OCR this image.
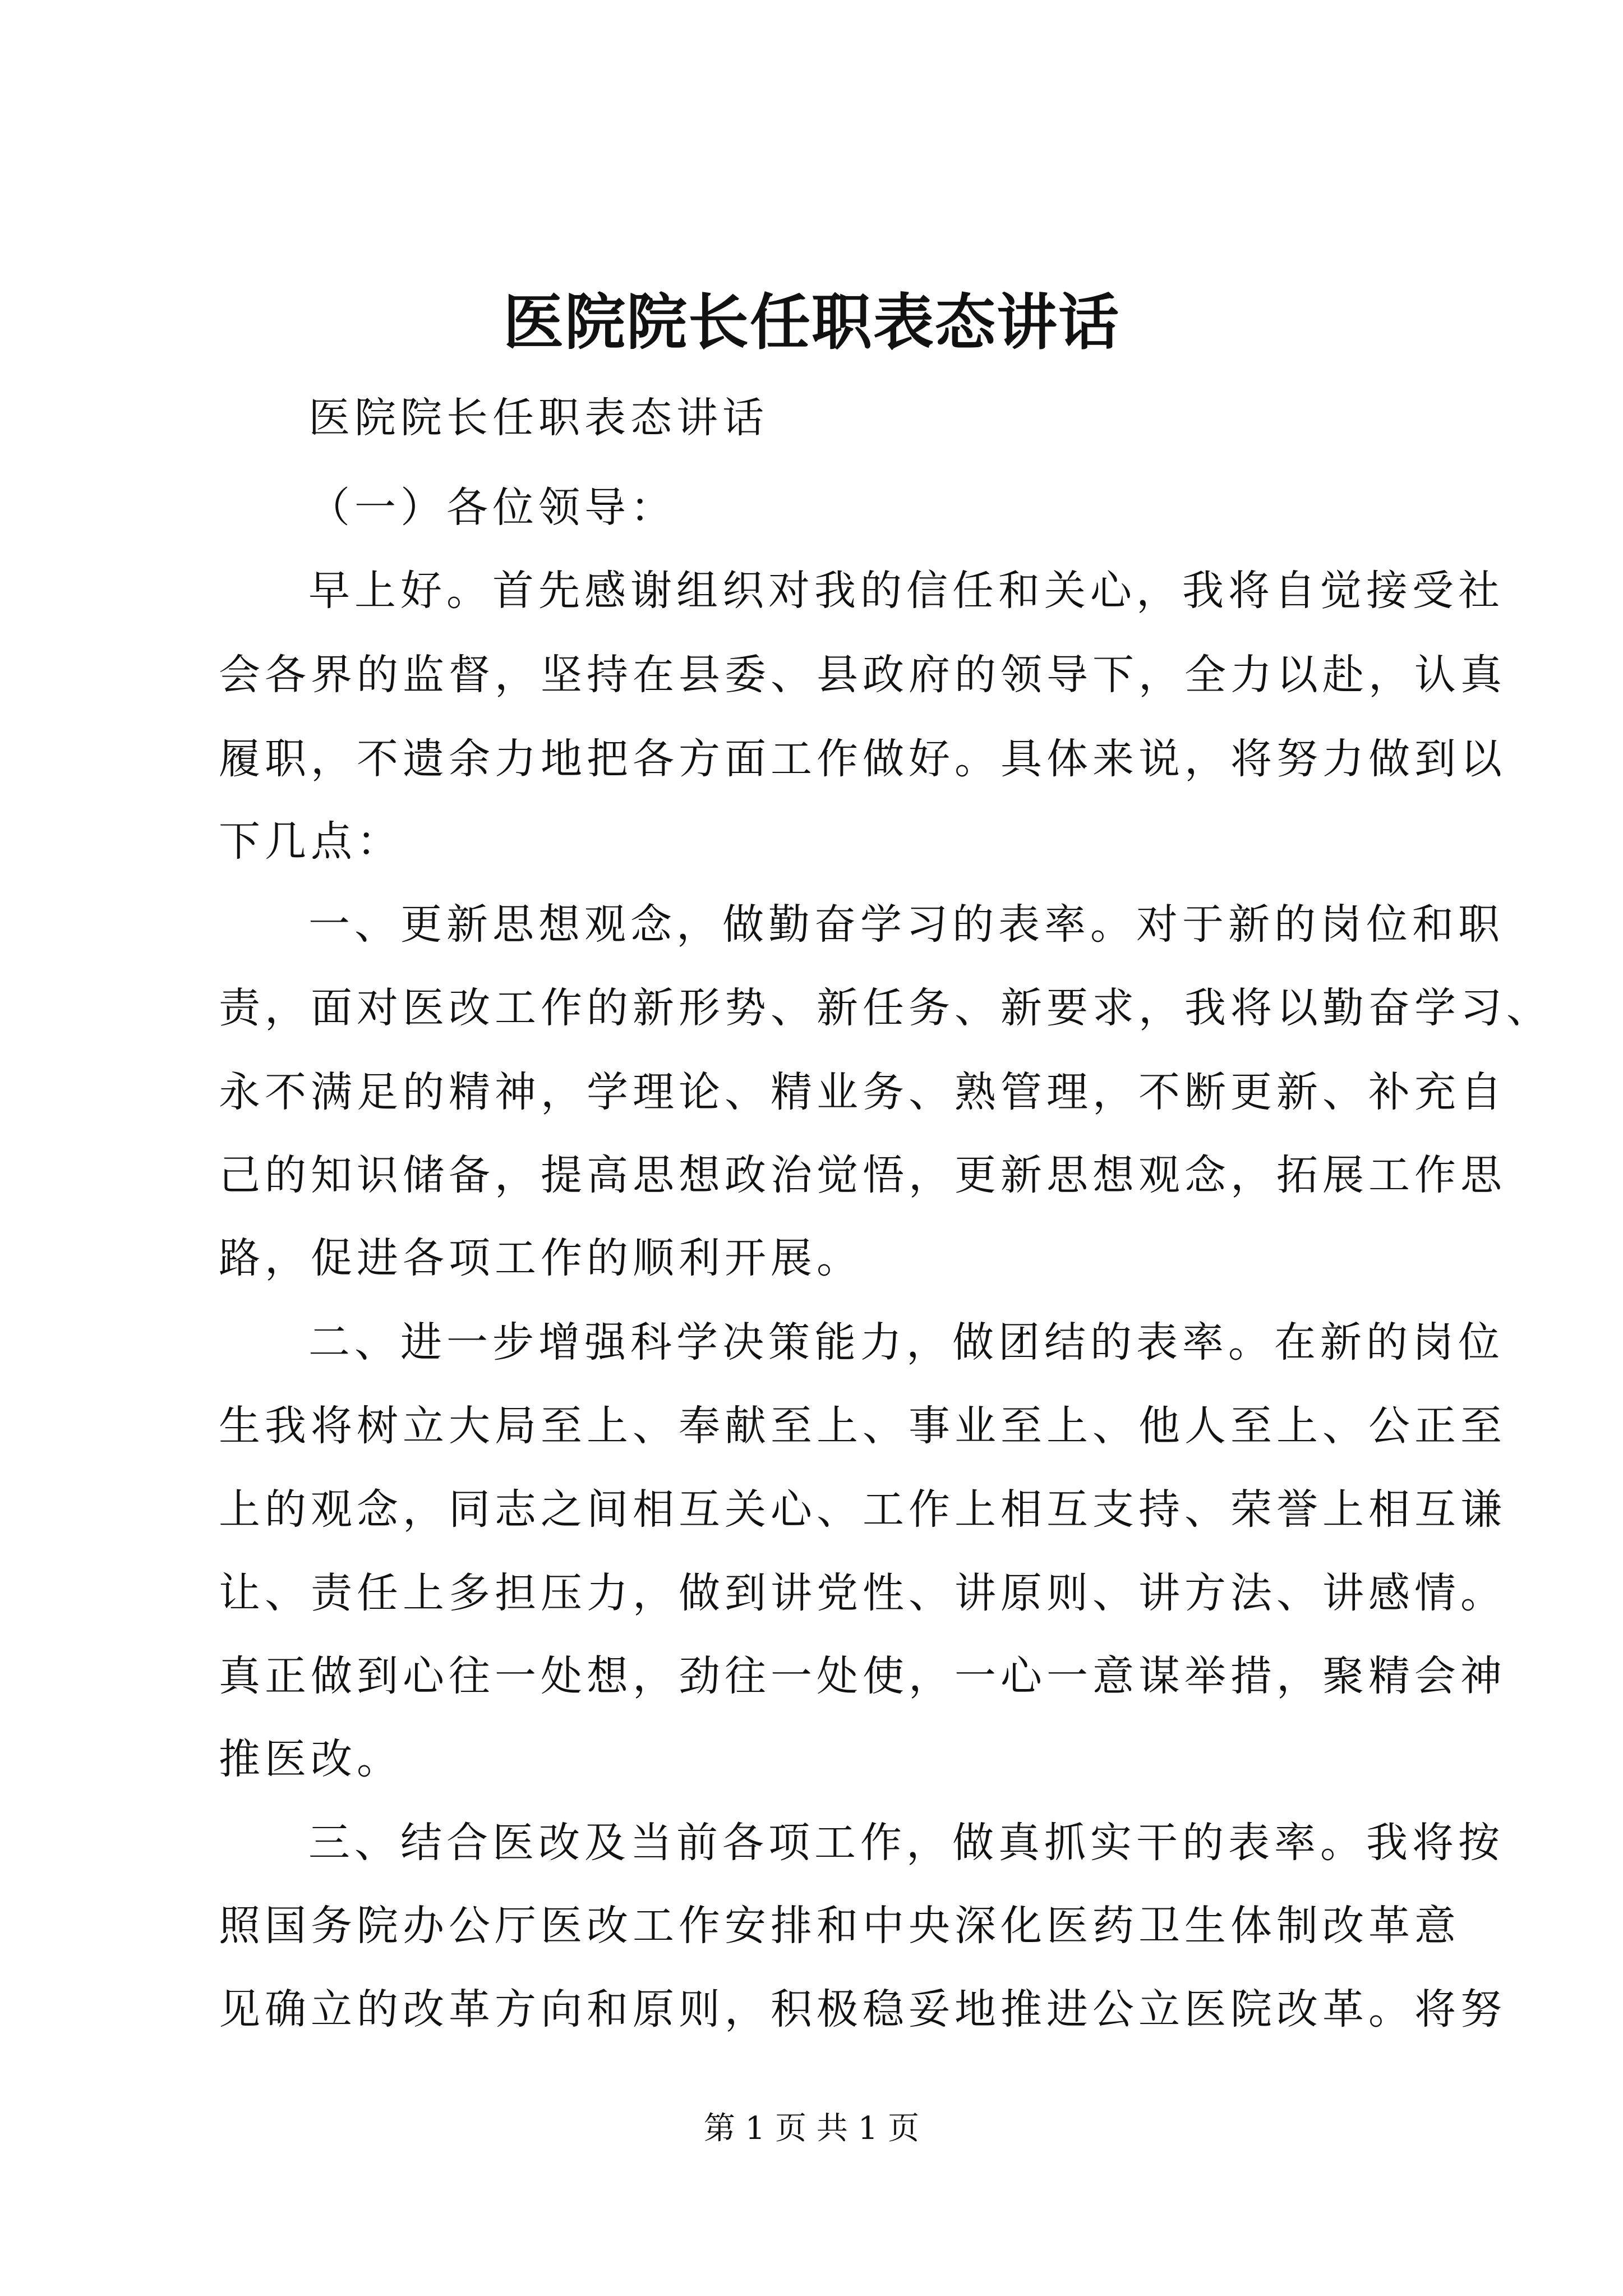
医院院长任职表态讲话
医院院长任职表态讲话
（一）各位领导：
早上好。首先感谢组织对我的信任和关心，我将自觉接受社
会各界的监督，坚持在县委、县政府的领导下，全力以赴，认真
履职，不遗余力地把各方面工作做好。具体来说，将努力做到以
下几点：
一、更新思想观念，做勤奋学习的表率。对于新的岗位和职
责，面对医改工作的新形势、新任务、新要求，我将以勤奋学习、
永不满足的精神，学理论、精业务、熟管理，不断更新、补充自
己的知识储备，提高思想政治觉悟，更新思想观念，拓展工作思
路，促进各项工作的顺利开展。
二、进一步增强科学决策能力，做团结的表率。在新的岗位
生我将树立大局至上、奉献至上、事业至上、他人至上、公正至
上的观念，同志之间相互关心、工作上相互支持、荣誉上相互谦
让、责任上多担压力，做到讲党性、讲原则、讲方法、讲感情。
真正做到心往一处想，劲往一处使，一心一意谋举措，聚精会神
推医改。
三、结合医改及当前各项工作，做真抓实干的表率。我将按
照国务院办公厅医改工作安排和中央深化医药卫生体制改革意
见确立的改革方向和原则，积极稳妥地推进公立医院改革。将努
第 1 页 共 1 页
